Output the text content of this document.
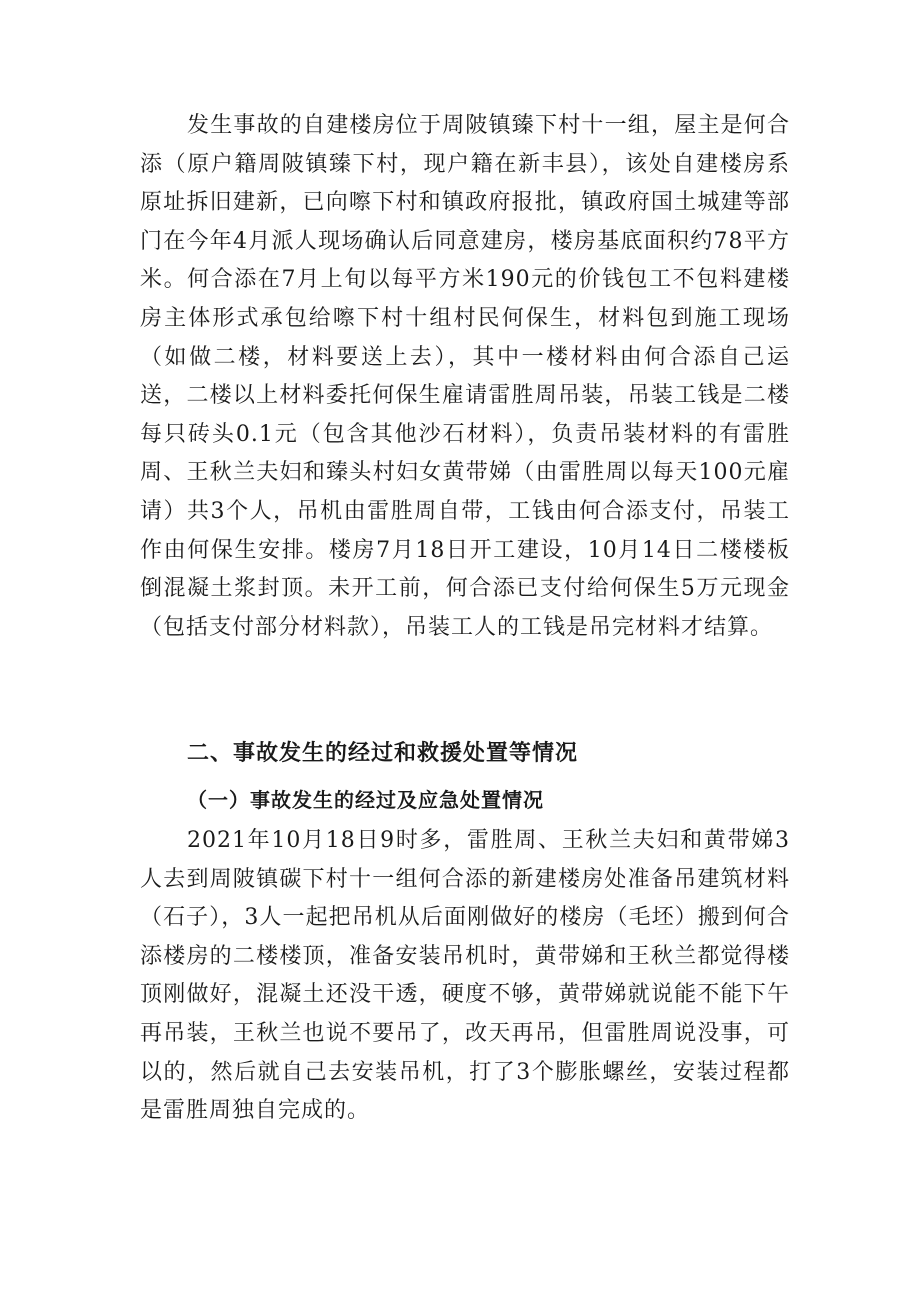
发生事故的自建楼房位于周陂镇臻下村十一组，屋主是何合添（原户籍周陂镇臻下村，现户籍在新丰县），该处自建楼房系原址拆旧建新，已向嚓下村和镇政府报批，镇政府国土城建等部门在今年4月派人现场确认后同意建房，楼房基底面积约78平方米。何合添在7月上旬以每平方米190元的价钱包工不包料建楼房主体形式承包给嚓下村十组村民何保生，材料包到施工现场（如做二楼，材料要送上去），其中一楼材料由何合添自己运送，二楼以上材料委托何保生雇请雷胜周吊装，吊装工钱是二楼每只砖头0.1元（包含其他沙石材料），负责吊装材料的有雷胜周、王秋兰夫妇和臻头村妇女黄带娣（由雷胜周以每天100元雇请）共3个人，吊机由雷胜周自带，工钱由何合添支付，吊装工作由何保生安排。楼房7月18日开工建设，10月14日二楼楼板倒混凝土浆封顶。未开工前，何合添已支付给何保生5万元现金（包括支付部分材料款），吊装工人的工钱是吊完材料才结算。

二、事故发生的经过和救援处置等情况
（一）事故发生的经过及应急处置情况

2021年10月18日9时多，雷胜周、王秋兰夫妇和黄带娣3人去到周陂镇碳下村十一组何合添的新建楼房处准备吊建筑材料（石子），3人一起把吊机从后面刚做好的楼房（毛坯）搬到何合添楼房的二楼楼顶，准备安装吊机时，黄带娣和王秋兰都觉得楼顶刚做好，混凝土还没干透，硬度不够，黄带娣就说能不能下午再吊装，王秋兰也说不要吊了，改天再吊，但雷胜周说没事，可以的，然后就自己去安装吊机，打了3个膨胀螺丝，安装过程都是雷胜周独自完成的。
